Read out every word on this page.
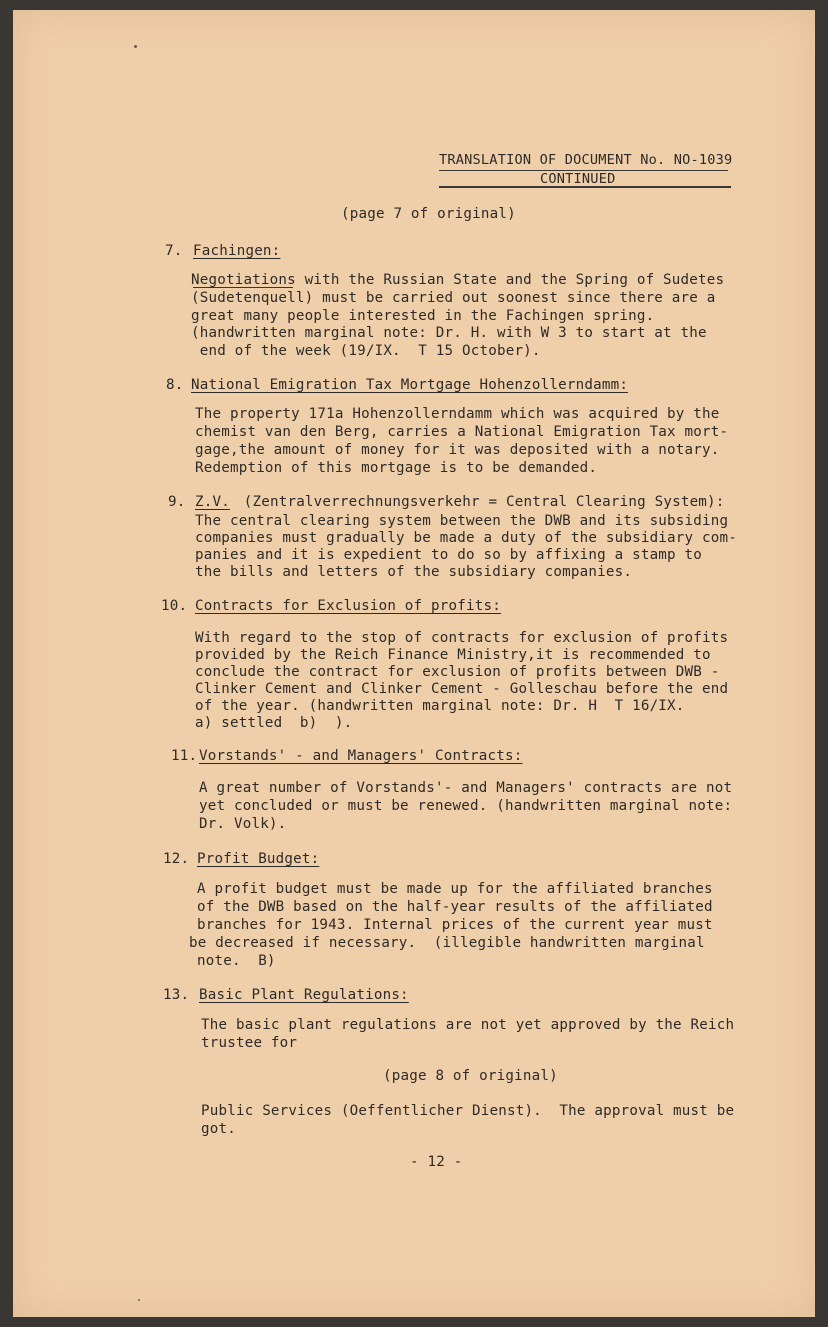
TRANSLATION OF DOCUMENT No. NO-1039
CONTINUED
(page 7 of original)
7. Fachingen:
Negotiations with the Russian State and the Spring of Sudetes
(Sudetenquell) must be carried out soonest since there are a
great many people interested in the Fachingen spring.
(handwritten marginal note: Dr. H. with W 3 to start at the
end of the week (19/IX.  T 15 October).
8. National Emigration Tax Mortgage Hohenzollerndamm:
The property 171a Hohenzollerndamm which was acquired by the
chemist van den Berg, carries a National Emigration Tax mort-
gage,the amount of money for it was deposited with a notary.
Redemption of this mortgage is to be demanded.
9. Z.V. (Zentralverrechnungsverkehr = Central Clearing System):
The central clearing system between the DWB and its subsiding
companies must gradually be made a duty of the subsidiary com-
panies and it is expedient to do so by affixing a stamp to
the bills and letters of the subsidiary companies.
10. Contracts for Exclusion of profits:
With regard to the stop of contracts for exclusion of profits
provided by the Reich Finance Ministry,it is recommended to
conclude the contract for exclusion of profits between DWB -
Clinker Cement and Clinker Cement - Golleschau before the end
of the year. (handwritten marginal note: Dr. H  T 16/IX.
a) settled  b)  ).
11. Vorstands' - and Managers' Contracts:
A great number of Vorstands'- and Managers' contracts are not
yet concluded or must be renewed. (handwritten marginal note:
Dr. Volk).
12. Profit Budget:
A profit budget must be made up for the affiliated branches
of the DWB based on the half-year results of the affiliated
branches for 1943. Internal prices of the current year must
be decreased if necessary.  (illegible handwritten marginal
note.  B)
13. Basic Plant Regulations:
The basic plant regulations are not yet approved by the Reich
trustee for
(page 8 of original)
Public Services (Oeffentlicher Dienst).  The approval must be
got.
- 12 -
